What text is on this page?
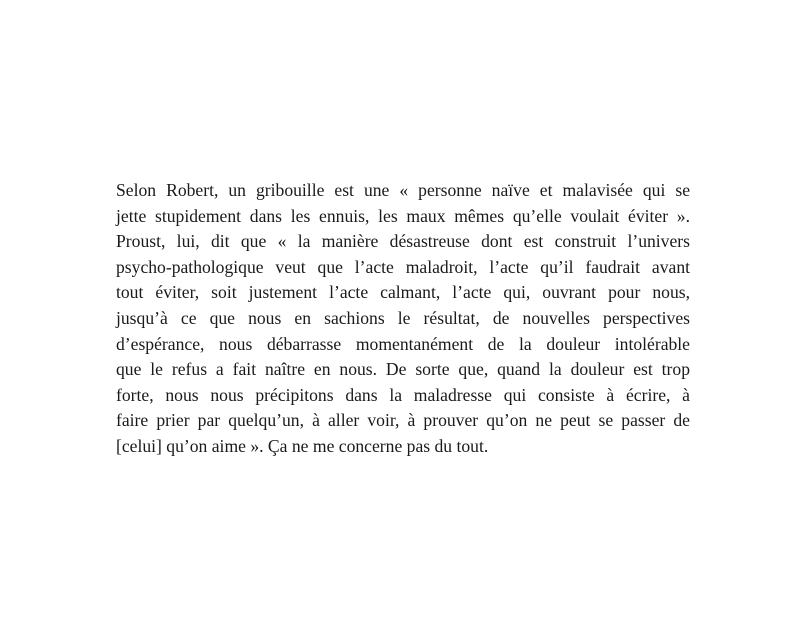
Selon Robert, un gribouille est une « personne naïve et malavisée qui se
jette stupidement dans les ennuis, les maux mêmes qu’elle voulait éviter ».
Proust, lui, dit que « la manière désastreuse dont est construit l’univers
psycho-pathologique veut que l’acte maladroit, l’acte qu’il faudrait avant
tout éviter, soit justement l’acte calmant, l’acte qui, ouvrant pour nous,
jusqu’à ce que nous en sachions le résultat, de nouvelles perspectives
d’espérance, nous débarrasse momentanément de la douleur intolérable
que le refus a fait naître en nous. De sorte que, quand la douleur est trop
forte, nous nous précipitons dans la maladresse qui consiste à écrire, à
faire prier par quelqu’un, à aller voir, à prouver qu’on ne peut se passer de
[celui] qu’on aime ». Ça ne me concerne pas du tout.
